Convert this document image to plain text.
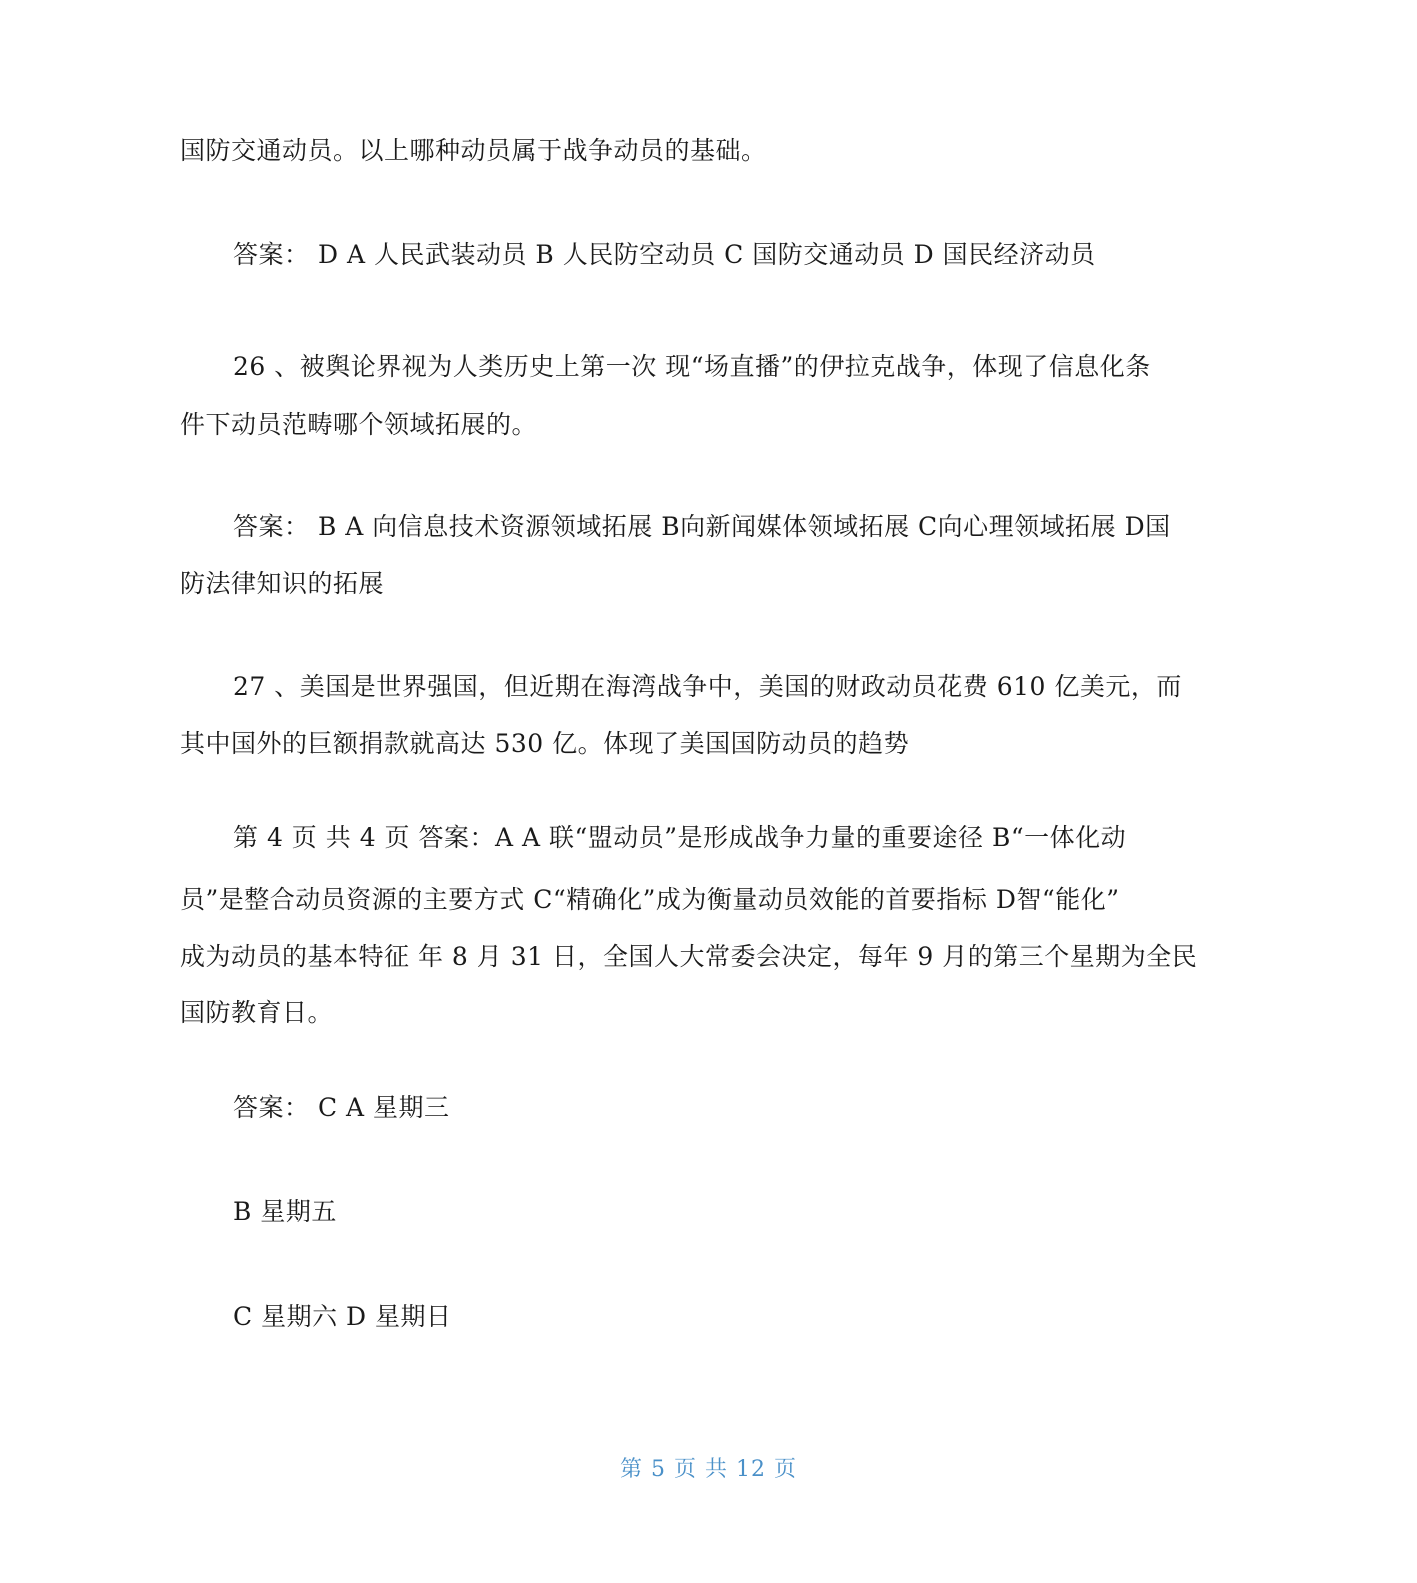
国防交通动员。以上哪种动员属于战争动员的基础。
答案： D A 人民武装动员 B 人民防空动员 C 国防交通动员 D 国民经济动员
26 、被舆论界视为人类历史上第一次 现“场直播”的伊拉克战争，体现了信息化条
件下动员范畴哪个领域拓展的。
答案： B A 向信息技术资源领域拓展 B向新闻媒体领域拓展 C向心理领域拓展 D国
防法律知识的拓展
27 、美国是世界强国，但近期在海湾战争中，美国的财政动员花费 610 亿美元，而
其中国外的巨额捐款就高达 530 亿。体现了美国国防动员的趋势
第 4 页 共 4 页 答案：A A 联“盟动员”是形成战争力量的重要途径 B“一体化动
员”是整合动员资源的主要方式 C“精确化”成为衡量动员效能的首要指标 D智“能化”
成为动员的基本特征 年 8 月 31 日，全国人大常委会决定，每年 9 月的第三个星期为全民
国防教育日。
答案： C A 星期三
B 星期五
C 星期六 D 星期日
第 5 页 共 12 页
